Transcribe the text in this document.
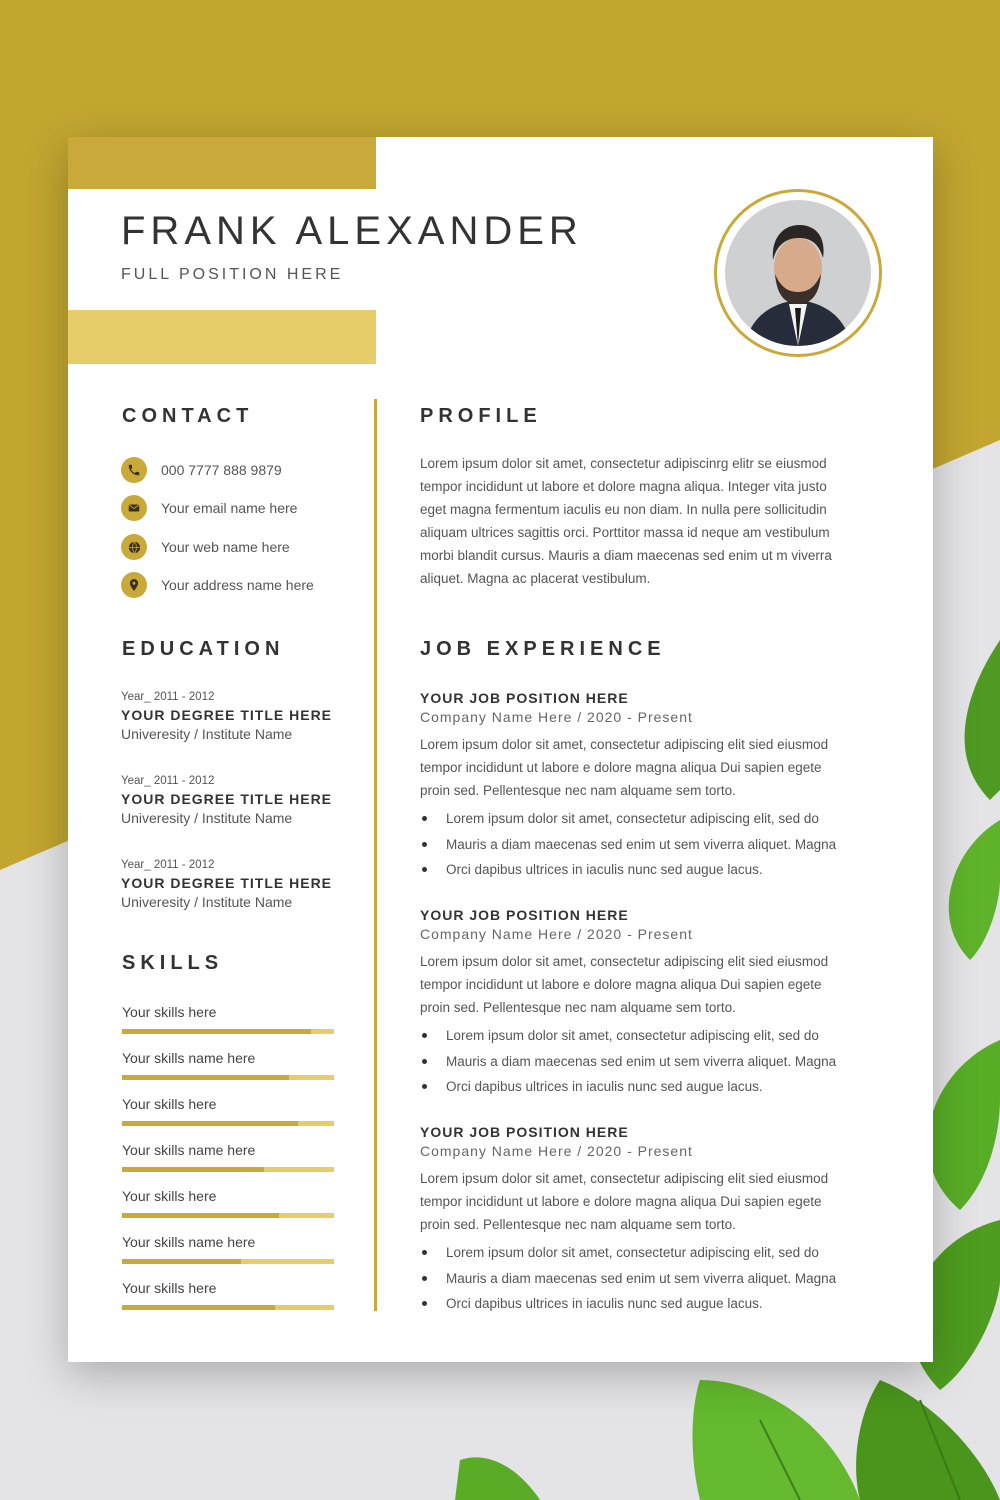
FRANK ALEXANDER
FULL POSITION HERE
CONTACT
000 7777 888 9879
Your email name here
Your web name here
Your address name here
EDUCATION
Year_ 2011 - 2012
YOUR DEGREE TITLE HERE
Univeresity / Institute Name
Year_ 2011 - 2012
YOUR DEGREE TITLE HERE
Univeresity / Institute Name
Year_ 2011 - 2012
YOUR DEGREE TITLE HERE
Univeresity / Institute Name
SKILLS
Your skills here
Your skills name here
Your skills here
Your skills name here
Your skills here
Your skills name here
Your skills here
PROFILE
Lorem ipsum dolor sit amet, consectetur adipiscinrg elitr se eiusmod
tempor incididunt ut labore et dolore magna aliqua. Integer vita justo
eget magna fermentum iaculis eu non diam. In nulla pere sollicitudin
aliquam ultrices sagittis orci. Porttitor massa id neque am vestibulum
morbi blandit cursus. Mauris a diam maecenas sed enim ut m viverra
aliquet. Magna ac placerat vestibulum.
JOB EXPERIENCE
YOUR JOB POSITION HERE
Company Name Here / 2020 - Present
Lorem ipsum dolor sit amet, consectetur adipiscing elit sied eiusmod
tempor incididunt ut labore e dolore magna aliqua Dui sapien egete
proin sed. Pellentesque nec nam alquame sem torto.
Lorem ipsum dolor sit amet, consectetur adipiscing elit, sed do
Mauris a diam maecenas sed enim ut sem viverra aliquet. Magna
Orci dapibus ultrices in iaculis nunc sed augue lacus.
YOUR JOB POSITION HERE
Company Name Here / 2020 - Present
Lorem ipsum dolor sit amet, consectetur adipiscing elit sied eiusmod
tempor incididunt ut labore e dolore magna aliqua Dui sapien egete
proin sed. Pellentesque nec nam alquame sem torto.
Lorem ipsum dolor sit amet, consectetur adipiscing elit, sed do
Mauris a diam maecenas sed enim ut sem viverra aliquet. Magna
Orci dapibus ultrices in iaculis nunc sed augue lacus.
YOUR JOB POSITION HERE
Company Name Here / 2020 - Present
Lorem ipsum dolor sit amet, consectetur adipiscing elit sied eiusmod
tempor incididunt ut labore e dolore magna aliqua Dui sapien egete
proin sed. Pellentesque nec nam alquame sem torto.
Lorem ipsum dolor sit amet, consectetur adipiscing elit, sed do
Mauris a diam maecenas sed enim ut sem viverra aliquet. Magna
Orci dapibus ultrices in iaculis nunc sed augue lacus.
